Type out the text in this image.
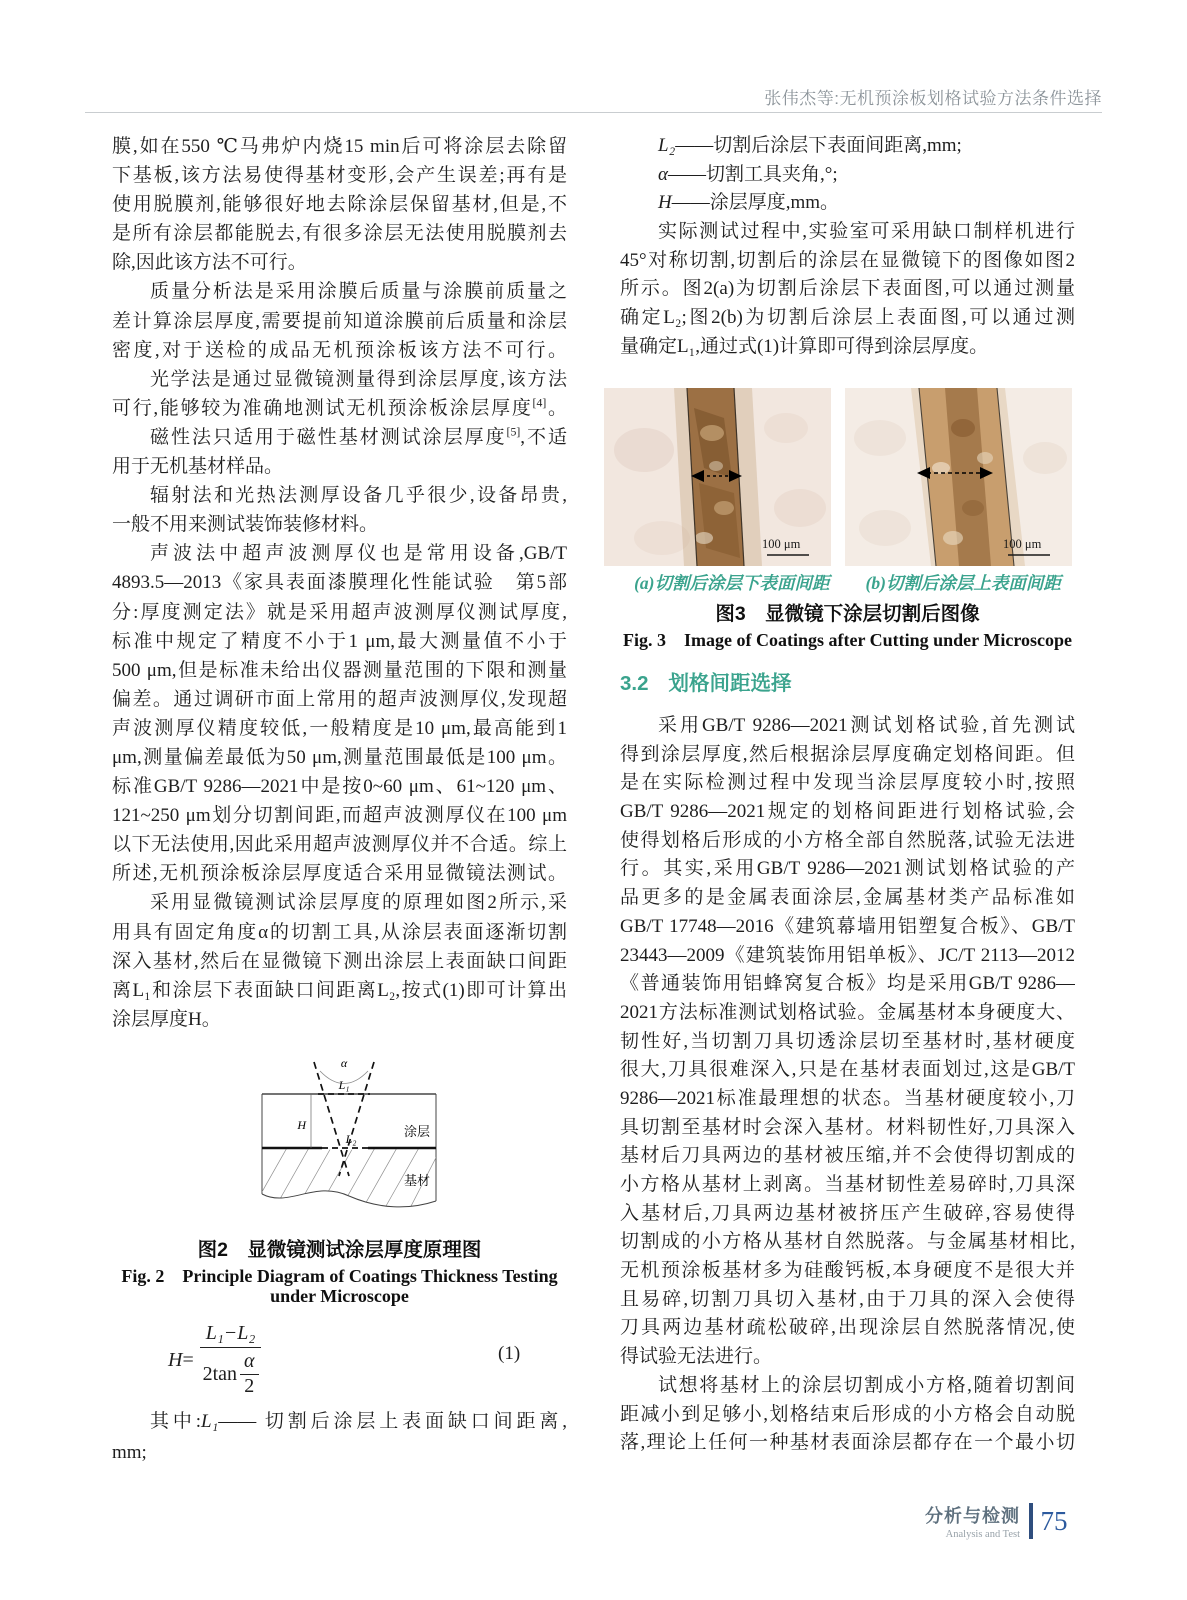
张伟杰等:无机预涂板划格试验方法条件选择
膜,如在550 ℃马弗炉内烧15 min后可将涂层去除留
下基板,该方法易使得基材变形,会产生误差;再有是
使用脱膜剂,能够很好地去除涂层保留基材,但是,不
是所有涂层都能脱去,有很多涂层无法使用脱膜剂去
除,因此该方法不可行。
质量分析法是采用涂膜后质量与涂膜前质量之
差计算涂层厚度,需要提前知道涂膜前后质量和涂层
密度,对于送检的成品无机预涂板该方法不可行。
光学法是通过显微镜测量得到涂层厚度,该方法
可行,能够较为准确地测试无机预涂板涂层厚度[4]。
磁性法只适用于磁性基材测试涂层厚度[5],不适
用于无机基材样品。
辐射法和光热法测厚设备几乎很少,设备昂贵,
一般不用来测试装饰装修材料。
声波法中超声波测厚仪也是常用设备,GB/T
4893.5—2013《家具表面漆膜理化性能试验　第5部
分:厚度测定法》就是采用超声波测厚仪测试厚度,
标准中规定了精度不小于1 μm,最大测量值不小于
500 μm,但是标准未给出仪器测量范围的下限和测量
偏差。通过调研市面上常用的超声波测厚仪,发现超
声波测厚仪精度较低,一般精度是10 μm,最高能到1
μm,测量偏差最低为50 μm,测量范围最低是100 μm。
标准GB/T 9286—2021中是按0~60 μm、61~120 μm、
121~250 μm划分切割间距,而超声波测厚仪在100 μm
以下无法使用,因此采用超声波测厚仪并不合适。综上
所述,无机预涂板涂层厚度适合采用显微镜法测试。
采用显微镜测试涂层厚度的原理如图2所示,采
用具有固定角度α的切割工具,从涂层表面逐渐切割
深入基材,然后在显微镜下测出涂层上表面缺口间距
离L₁和涂层下表面缺口间距离L₂,按式(1)即可计算出
涂层厚度H。
α
L₁
H
L₂	涂层
基材
图2　显微镜测试涂层厚度原理图
Fig. 2　Principle Diagram of Coatings Thickness Testing
under Microscope
$H = \frac{\text{L₁−L₂}}{2\tan \frac{\alpha}{2}}$	(1)
其中:L₁—— 切割后涂层上表面缺口间距离,
mm;
L₂——切割后涂层下表面间距离,mm;
α——切割工具夹角,°;
H——涂层厚度,mm。
实际测试过程中,实验室可采用缺口制样机进行
45°对称切割,切割后的涂层在显微镜下的图像如图2
所示。图2(a)为切割后涂层下表面图,可以通过测量
确定L₂;图2(b)为切割后涂层上表面图,可以通过测
量确定L₁,通过式(1)计算即可得到涂层厚度。
100 μm	100 μm
(a)切割后涂层下表面间距 (b)切割后涂层上表面间距
图3　显微镜下涂层切割后图像
Fig. 3　Image of Coatings after Cutting under Microscope
3.2 划格间距选择
采用GB/T 9286—2021测试划格试验,首先测试
得到涂层厚度,然后根据涂层厚度确定划格间距。但
是在实际检测过程中发现当涂层厚度较小时,按照
GB/T 9286—2021规定的划格间距进行划格试验,会
使得划格后形成的小方格全部自然脱落,试验无法进
行。其实,采用GB/T 9286—2021测试划格试验的产
品更多的是金属表面涂层,金属基材类产品标准如
GB/T 17748—2016《建筑幕墙用铝塑复合板》、GB/T
23443—2009《建筑装饰用铝单板》、JC/T 2113—2012
《普通装饰用铝蜂窝复合板》均是采用GB/T 9286—
2021方法标准测试划格试验。金属基材本身硬度大、
韧性好,当切割刀具切透涂层切至基材时,基材硬度
很大,刀具很难深入,只是在基材表面划过,这是GB/T
9286—2021标准最理想的状态。当基材硬度较小,刀
具切割至基材时会深入基材。材料韧性好,刀具深入
基材后刀具两边的基材被压缩,并不会使得切割成的
小方格从基材上剥离。当基材韧性差易碎时,刀具深
入基材后,刀具两边基材被挤压产生破碎,容易使得
切割成的小方格从基材自然脱落。与金属基材相比,
无机预涂板基材多为硅酸钙板,本身硬度不是很大并
且易碎,切割刀具切入基材,由于刀具的深入会使得
刀具两边基材疏松破碎,出现涂层自然脱落情况,使
得试验无法进行。
试想将基材上的涂层切割成小方格,随着切割间
距减小到足够小,划格结束后形成的小方格会自动脱
落,理论上任何一种基材表面涂层都存在一个最小切
分析与检测
Analysis and Test 75
